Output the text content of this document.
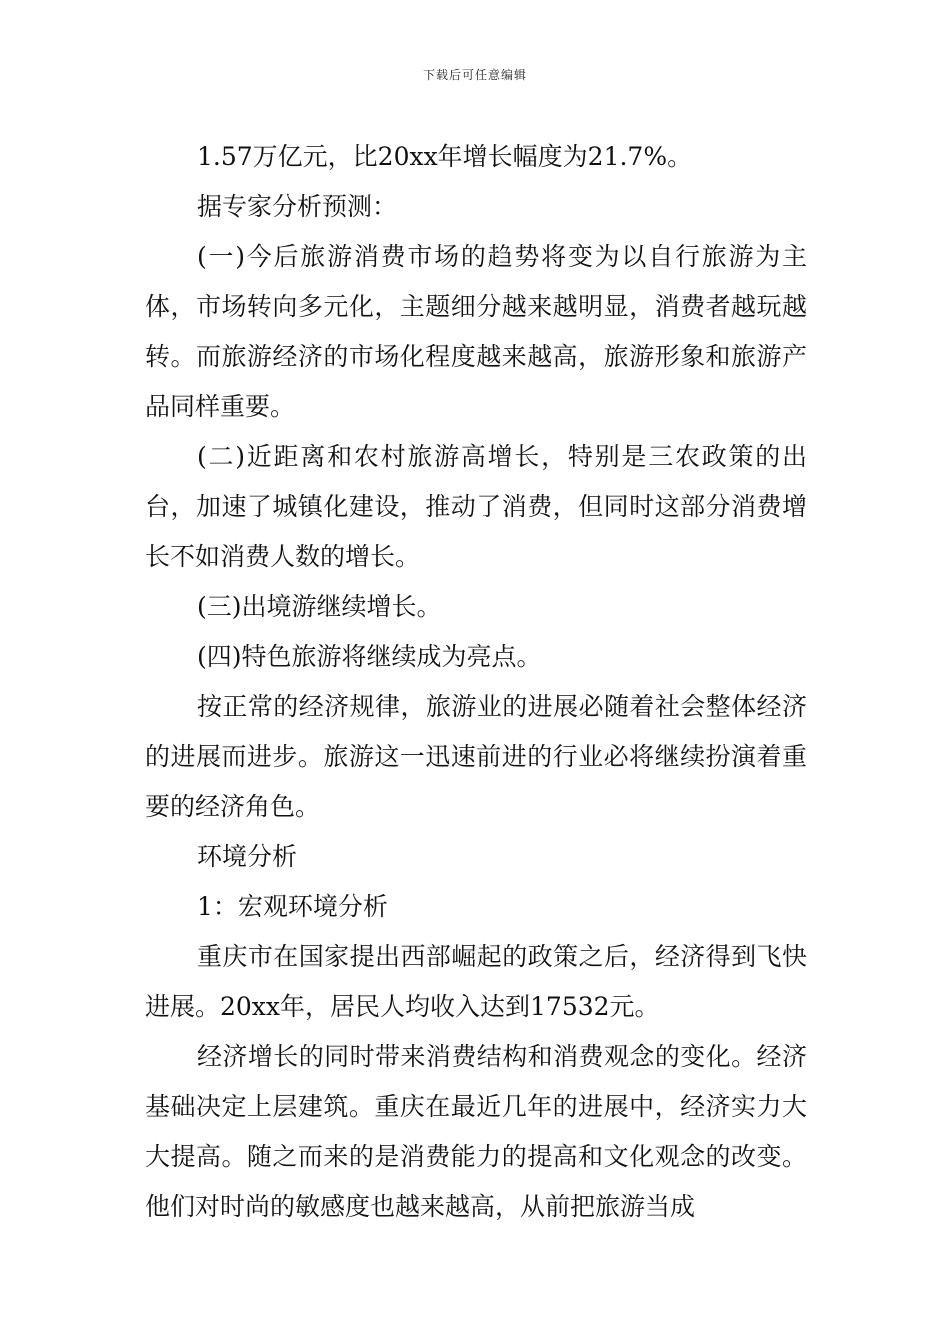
下载后可任意编辑

1.57万亿元，比20xx年增长幅度为21.7%。

据专家分析预测：

(一)今后旅游消费市场的趋势将变为以自行旅游为主体，市场转向多元化，主题细分越来越明显，消费者越玩越转。而旅游经济的市场化程度越来越高，旅游形象和旅游产品同样重要。

(二)近距离和农村旅游高增长，特别是三农政策的出台，加速了城镇化建设，推动了消费，但同时这部分消费增长不如消费人数的增长。

(三)出境游继续增长。

(四)特色旅游将继续成为亮点。

按正常的经济规律，旅游业的进展必随着社会整体经济的进展而进步。旅游这一迅速前进的行业必将继续扮演着重要的经济角色。

环境分析

1：宏观环境分析

重庆市在国家提出西部崛起的政策之后，经济得到飞快进展。20xx年，居民人均收入达到17532元。

经济增长的同时带来消费结构和消费观念的变化。经济基础决定上层建筑。重庆在最近几年的进展中，经济实力大大提高。随之而来的是消费能力的提高和文化观念的改变。他们对时尚的敏感度也越来越高，从前把旅游当成
